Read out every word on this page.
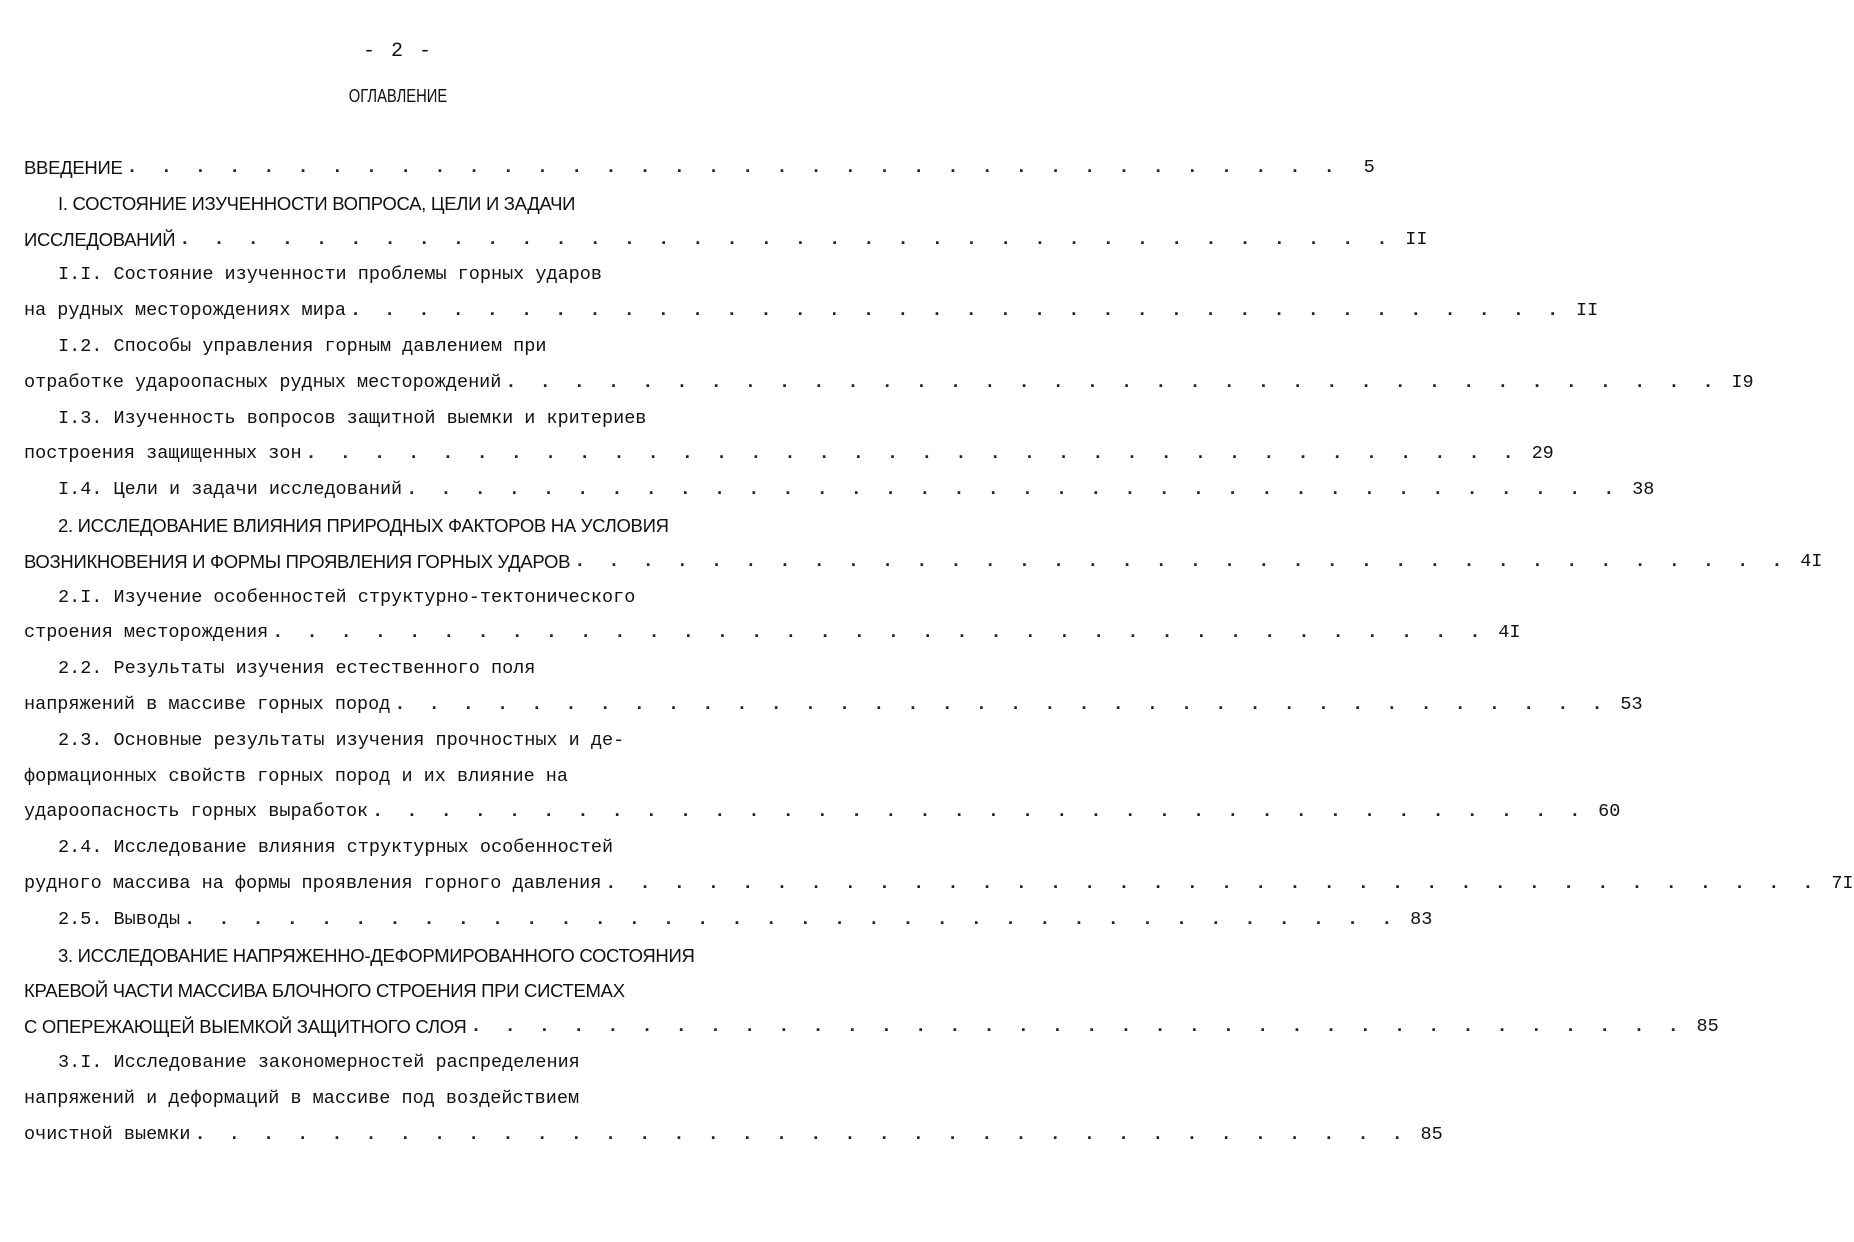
- 2 -
ОГЛАВЛЕНИЕ
ВВЕДЕНИЕ . . . . . . . . . . . . . . . . . . . . . . . . . . . . . . . . . . . .	5
I. СОСТОЯНИЕ ИЗУЧЕННОСТИ ВОПРОСА, ЦЕЛИ И ЗАДАЧИ
ИССЛЕДОВАНИЙ . . . . . . . . . . . . . . . . . . . . . . . . . . . . . . . . . . . . II
I.I. Состояние изученности проблемы горных ударов
на рудных месторождениях мира . . . . . . . . . . . . . . . . . . . . . . . . . . . . . . . . . . . . II
I.2. Способы управления горным давлением при
отработке удароопасных рудных месторождений . . . . . . . . . . . . . . . . . . . . . . . . . . . . . . . . . . . . I9
I.3. Изученность вопросов защитной выемки и критериев
построения защищенных зон . . . . . . . . . . . . . . . . . . . . . . . . . . . . . . . . . . . . 29
I.4. Цели и задачи исследований . . . . . . . . . . . . . . . . . . . . . . . . . . . . . . . . . . . . 38
2. ИССЛЕДОВАНИЕ ВЛИЯНИЯ ПРИРОДНЫХ ФАКТОРОВ НА УСЛОВИЯ
ВОЗНИКНОВЕНИЯ И ФОРМЫ ПРОЯВЛЕНИЯ ГОРНЫХ УДАРОВ . . . . . . . . . . . . . . . . . . . . . . . . . . . . . . . . . . . . 4I
2.I. Изучение особенностей структурно-тектонического
строения месторождения . . . . . . . . . . . . . . . . . . . . . . . . . . . . . . . . . . . . 4I
2.2. Результаты изучения естественного поля
напряжений в массиве горных пород . . . . . . . . . . . . . . . . . . . . . . . . . . . . . . . . . . . . 53
2.3. Основные результаты изучения прочностных и де-
формационных свойств горных пород и их влияние на
удароопасность горных выработок . . . . . . . . . . . . . . . . . . . . . . . . . . . . . . . . . . . . 60
2.4. Исследование влияния структурных особенностей
рудного массива на формы проявления горного давления . . . . . . . . . . . . . . . . . . . . . . . . . . . . . . . . . . . . 7I
2.5. Выводы . . . . . . . . . . . . . . . . . . . . . . . . . . . . . . . . . . . . 83
3. ИССЛЕДОВАНИЕ НАПРЯЖЕННО-ДЕФОРМИРОВАННОГО СОСТОЯНИЯ
КРАЕВОЙ ЧАСТИ МАССИВА БЛОЧНОГО СТРОЕНИЯ ПРИ СИСТЕМАХ
С ОПЕРЕЖАЮЩЕЙ ВЫЕМКОЙ ЗАЩИТНОГО СЛОЯ . . . . . . . . . . . . . . . . . . . . . . . . . . . . . . . . . . . . 85
3.I. Исследование закономерностей распределения
напряжений и деформаций в массиве под воздействием
очистной выемки . . . . . . . . . . . . . . . . . . . . . . . . . . . . . . . . . . . . 85
